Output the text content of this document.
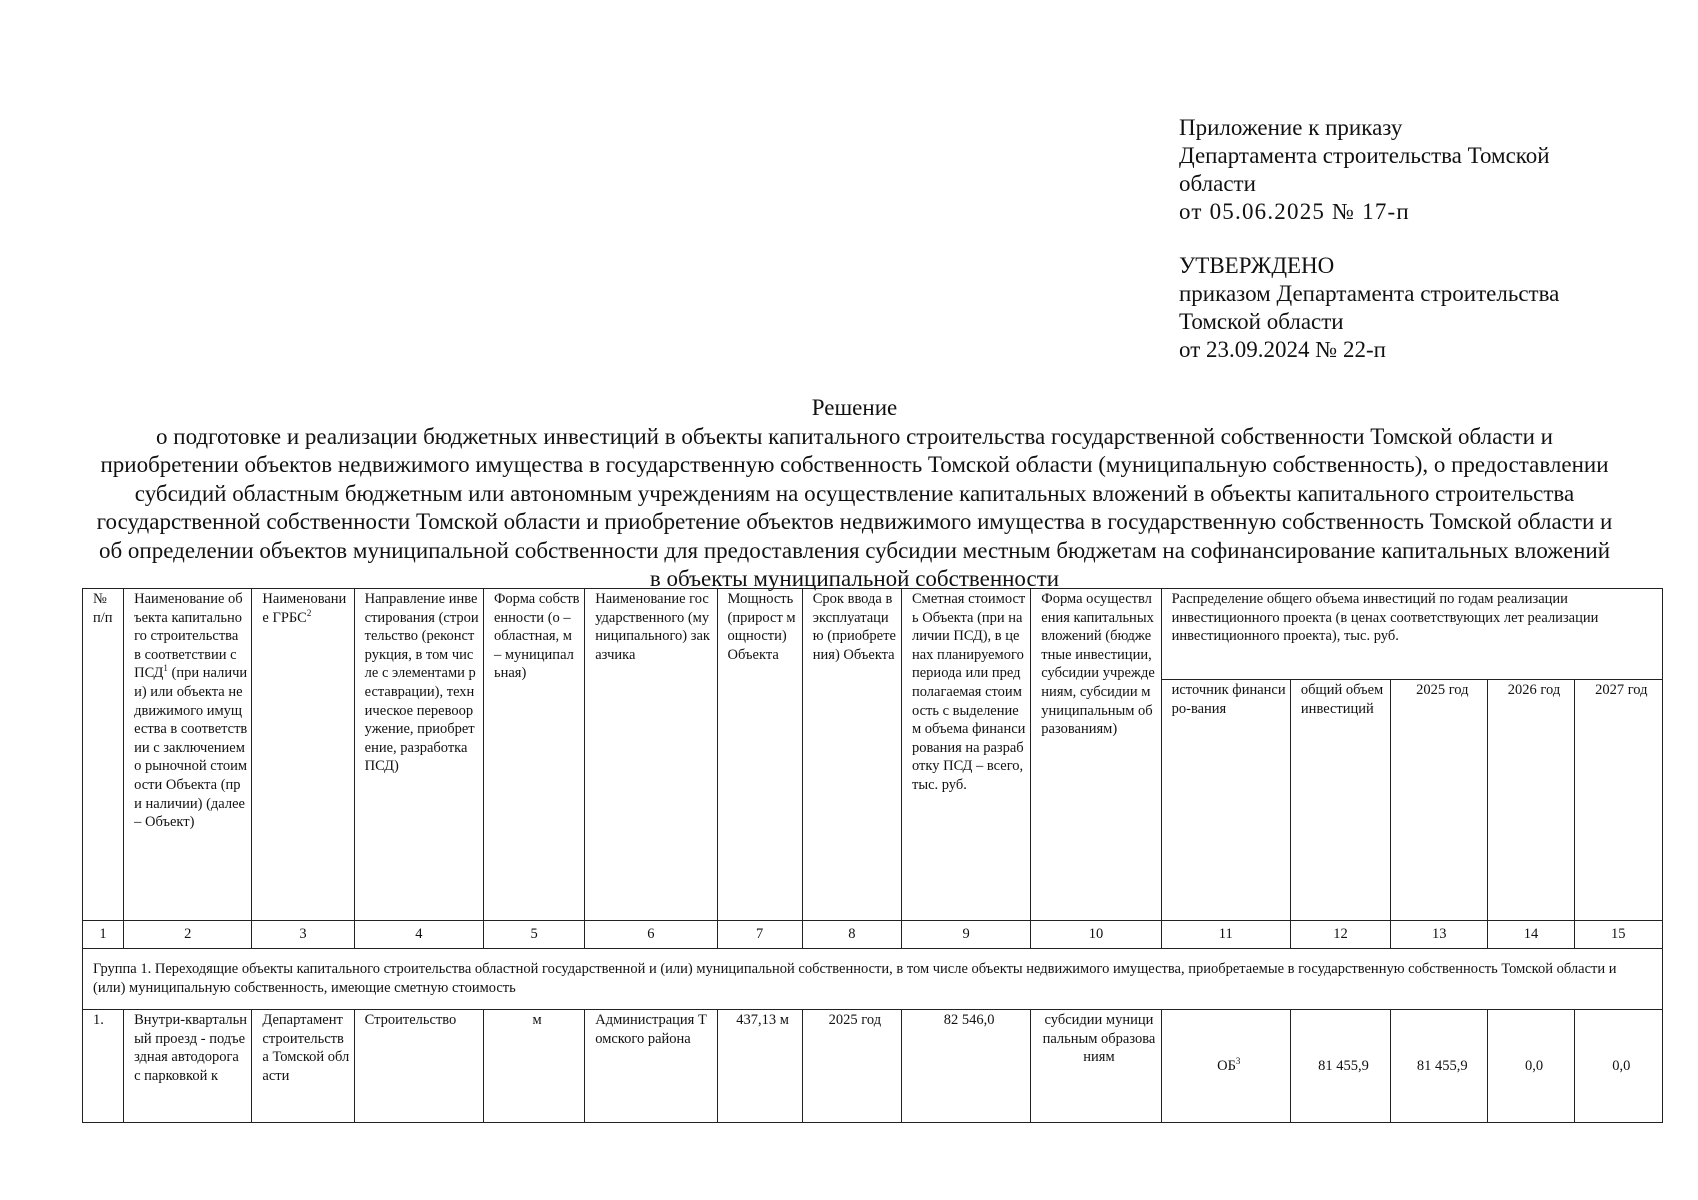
Приложение к приказу
Департамента строительства Томской
области
от 05.06.2025 № 17-п
УТВЕРЖДЕНО
приказом Департамента строительства
Томской области
от 23.09.2024 № 22-п
Решение
о подготовке и реализации бюджетных инвестиций в объекты капитального строительства государственной собственности Томской области и приобретении объектов недвижимого имущества в государственную собственность Томской области (муниципальную собственность), о предоставлении субсидий областным бюджетным или автономным учреждениям на осуществление капитальных вложений в объекты капитального строительства государственной собственности Томской области и приобретение объектов недвижимого имущества в государственную собственность Томской области и об определении объектов муниципальной собственности для предоставления субсидии местным бюджетам на софинансирование капитальных вложений в объекты муниципальной собственности
№ п/п	Наименование объекта капитального строительства в соответствии с ПСД$^1$ (при наличии) или объекта недвижимого имущества в соответствии с заключением о рыночной стоимости Объекта (при наличии) (далее – Объект)	Наименование ГРБС$^2$	Направление инвестирования (строительство (реконструкция, в том числе с элементами реставрации), техническое перевооружение, приобретение, разработка ПСД)	Форма собственности (о – областная, м – муниципальная)	Наименование государственного (муниципального) заказчика	Мощность (прирост мощности) Объекта	Срок ввода в эксплуатацию (приобретения) Объекта	Сметная стоимость Объекта (при наличии ПСД), в ценах планируемого периода или предполагаемая стоимость с выделением объема финансирования на разработку ПСД – всего, тыс. руб.	Форма осуществления капитальных вложений (бюджетные инвестиции, субсидии учреждениям, субсидии муниципальным образованиям)	Распределение общего объема инвестиций по годам реализации инвестиционного проекта (в ценах соответствующих лет реализации инвестиционного проекта), тыс. руб.				
										источник финансиро-вания	общий объем инвестиций	2025 год	2026 год	2027 год
1	2	3	4	5	6	7	8	9	10	11	12	13	14	15
Группа 1. Переходящие объекты капитального строительства областной государственной и (или) муниципальной собственности, в том числе объекты недвижимого имущества, приобретаемые в государственную собственность Томской области и (или) муниципальную собственность, имеющие сметную стоимость														
1.	Внутри-квартальный проезд - подъездная автодорога с парковкой к	Департамент строительства Томской области	Строительство	м	Администрация Томского района	437,13 м	2025 год	82 546,0	субсидии муниципальным образованиям	$ОБ^3$	81 455,9	81 455,9	0,0	0,0
